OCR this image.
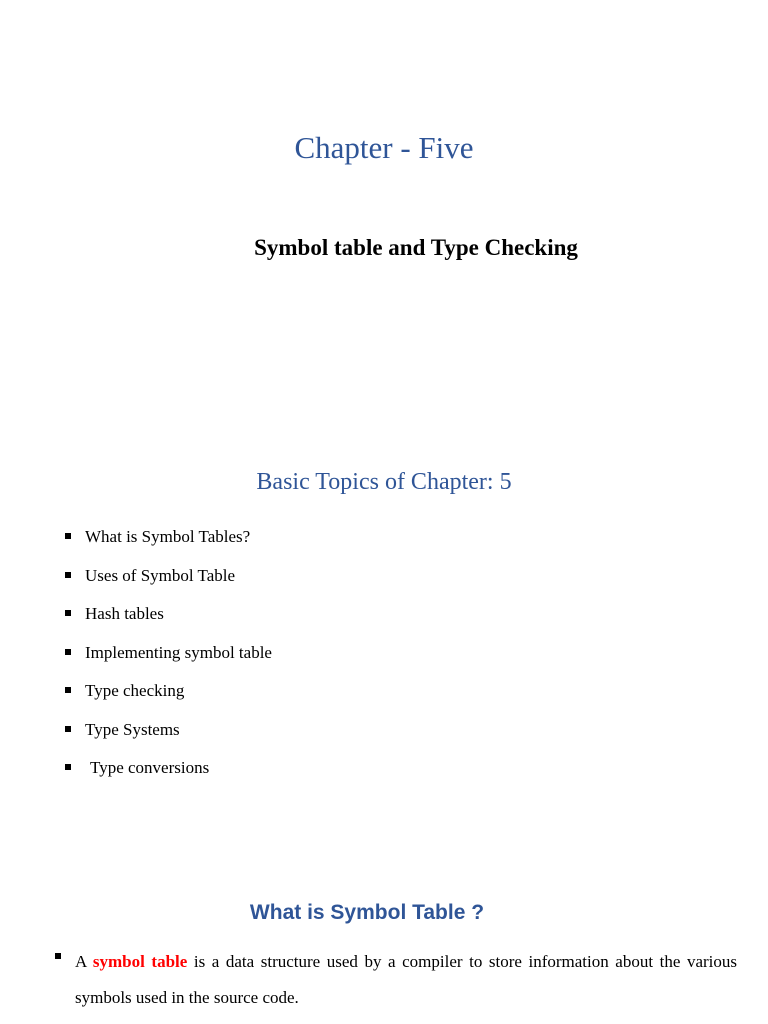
Chapter - Five
Symbol table and Type Checking
Basic Topics of Chapter: 5
What is Symbol Tables?
Uses of Symbol Table
Hash tables
Implementing symbol table
Type checking
Type Systems
Type conversions
What is Symbol Table ?
A symbol table is a data structure used by a compiler to store information about the various symbols used in the source code.
